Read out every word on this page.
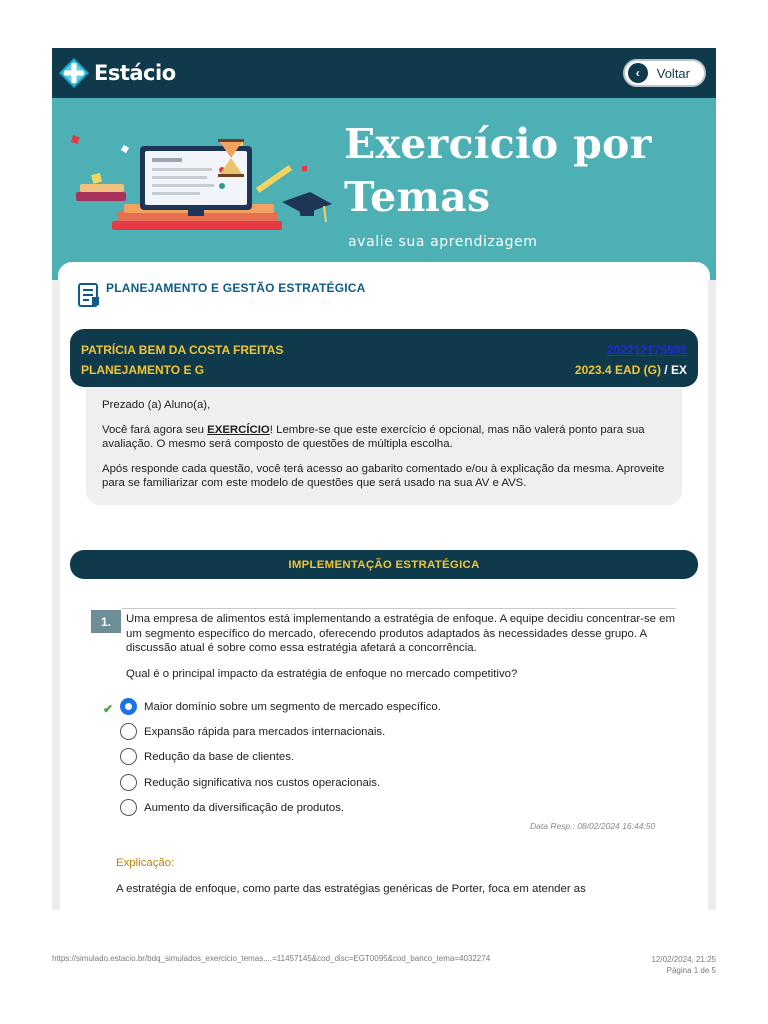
Estácio	‹	Voltar
Exercício por
Temas
avalie sua aprendizagem
PLANEJAMENTO E GESTÃO ESTRATÉGICA
PATRÍCIA BEM DA COSTA FREITAS	202212175581
PLANEJAMENTO E G	2023.4 EAD (G) / EX

Prezado (a) Aluno(a),

Você fará agora seu EXERCÍCIO! Lembre-se que este exercício é opcional, mas não valerá ponto para sua avaliação. O mesmo será composto de questões de múltipla escolha.

Após responde cada questão, você terá acesso ao gabarito comentado e/ou à explicação da mesma. Aproveite para se familiarizar com este modelo de questões que será usado na sua AV e AVS.

IMPLEMENTAÇÃO ESTRATÉGICA
1.	Uma empresa de alimentos está implementando a estratégia de enfoque. A equipe decidiu concentrar-se em um segmento específico do mercado, oferecendo produtos adaptados às necessidades desse grupo. A discussão atual é sobre como essa estratégia afetará a concorrência.
Qual é o principal impacto da estratégia de enfoque no mercado competitivo?
✔	Maior domínio sobre um segmento de mercado específico.
Expansão rápida para mercados internacionais.
Redução da base de clientes.
Redução significativa nos custos operacionais.
Aumento da diversificação de produtos.
Data Resp.: 08/02/2024 16:44:50
Explicação:
A estratégia de enfoque, como parte das estratégias genéricas de Porter, foca em atender as
https://simulado.estacio.br/bdq_simulados_exercicio_temas....=11457145&cod_disc=EGT0095&cod_banco_tema=4032274	12/02/2024, 21:25
Página 1 de 5
